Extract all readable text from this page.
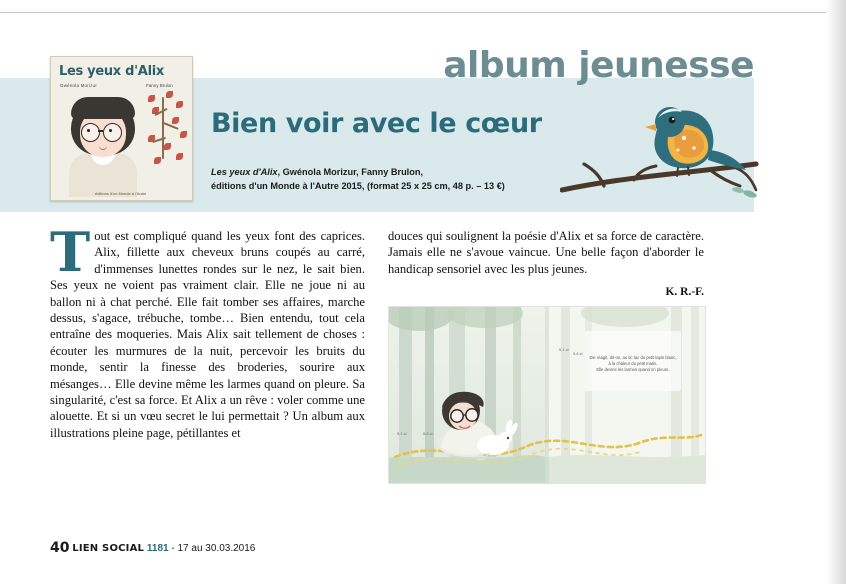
album jeunesse
Les yeux d'Alix
Gwénola Morizur	Fanny Brulon
éditions d'un Monde à l'Autre
Bien voir avec le cœur
Les yeux d'Alix, Gwénola Morizur, Fanny Brulon,
éditions d'un Monde à l'Autre 2015, (format 25 x 25 cm, 48 p. – 13 €)
Tout est compliqué quand les yeux font des caprices. Alix, fillette aux cheveux bruns coupés au carré, d'immenses lunettes rondes sur le nez, le sait bien. Ses yeux ne voient pas vraiment clair. Elle ne joue ni au ballon ni à chat perché. Elle fait tomber ses affaires, marche dessus, s'agace, trébuche, tombe… Bien entendu, tout cela entraîne des moqueries. Mais Alix sait tellement de choses : écouter les murmures de la nuit, percevoir les bruits du monde, sentir la finesse des broderies, sourire aux mésanges… Elle devine même les larmes quand on pleure. Sa singularité, c'est sa force. Et Alix a un rêve : voler comme une alouette. Et si un vœu secret le lui permettait ? Un album aux illustrations pleine page, pétillantes et
douces qui soulignent la poésie d'Alix et sa force de caractère. Jamais elle ne s'avoue vaincue. Une belle façon d'aborder le handicap sensoriel avec les plus jeunes.
K. R.-F.
Die réagit, dit-on, au tic tac du petit lapin blanc,
à la chaleur du petit matin.
Elle devine les larmes quand on pleure.
5.1 ci
5.6 ci
5.1 ci	5.6 ci
40 LIEN SOCIAL 1181 - 17 au 30.03.2016
